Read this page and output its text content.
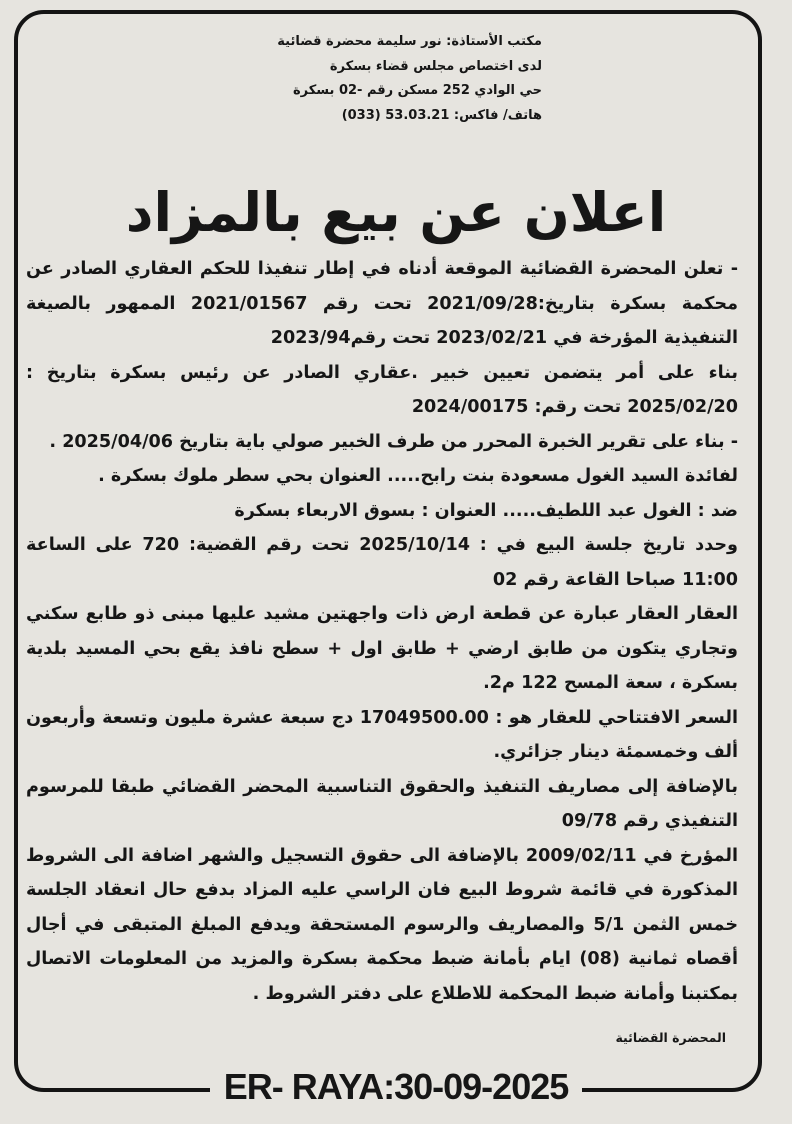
مكتب الأستاذة: نور سليمة محضرة قضائية
لدى اختصاص مجلس قضاء بسكرة
حي الوادي 252 مسكن رقم -02 بسكرة
هاتف/ فاكس: 53.03.21 (033)
اعلان عن بيع بالمزاد

- تعلن المحضرة القضائية الموقعة أدناه في إطار تنفيذا للحكم العقاري الصادر عن محكمة بسكرة بتاريخ:2021/09/28 تحت رقم 2021/01567 الممهور بالصيغة التنفيذية المؤرخة في 2023/02/21 تحت رقم2023/94

بناء على أمر يتضمن تعيين خبير .عقاري الصادر عن رئيس بسكرة بتاريخ : 2025/02/20 تحت رقم: 2024/00175

- بناء على تقرير الخبرة المحرر من طرف الخبير صولي باية بتاريخ 2025/04/06 .

لفائدة السيد الغول مسعودة بنت رابح..... العنوان بحي سطر ملوك بسكرة .

ضد : الغول عبد اللطيف..... العنوان : بسوق الاربعاء بسكرة

وحدد تاريخ جلسة البيع في : 2025/10/14 تحت رقم القضية: 720 على الساعة 11:00 صباحا القاعة رقم 02

العقار العقار عبارة عن قطعة ارض ذات واجهتين مشيد عليها مبنى ذو طابع سكني وتجاري يتكون من طابق ارضي + طابق اول + سطح نافذ يقع بحي المسيد بلدية بسكرة ، سعة المسح 122 م2.

السعر الافتتاحي للعقار هو : 17049500.00 دج سبعة عشرة مليون وتسعة وأربعون ألف وخمسمئة دينار جزائري.

بالإضافة إلى مصاريف التنفيذ والحقوق التناسبية المحضر القضائي طبقا للمرسوم التنفيذي رقم 09/78

المؤرخ في 2009/02/11 بالإضافة الى حقوق التسجيل والشهر اضافة الى الشروط المذكورة في قائمة شروط البيع فان الراسي عليه المزاد بدفع حال انعقاد الجلسة خمس الثمن 5/1 والمصاريف والرسوم المستحقة ويدفع المبلغ المتبقى في أجال أقصاه ثمانية (08) ايام بأمانة ضبط محكمة بسكرة والمزيد من المعلومات الاتصال بمكتبنا وأمانة ضبط المحكمة للاطلاع على دفتر الشروط .

المحضرة القضائية
ER- RAYA:30-09-2025
